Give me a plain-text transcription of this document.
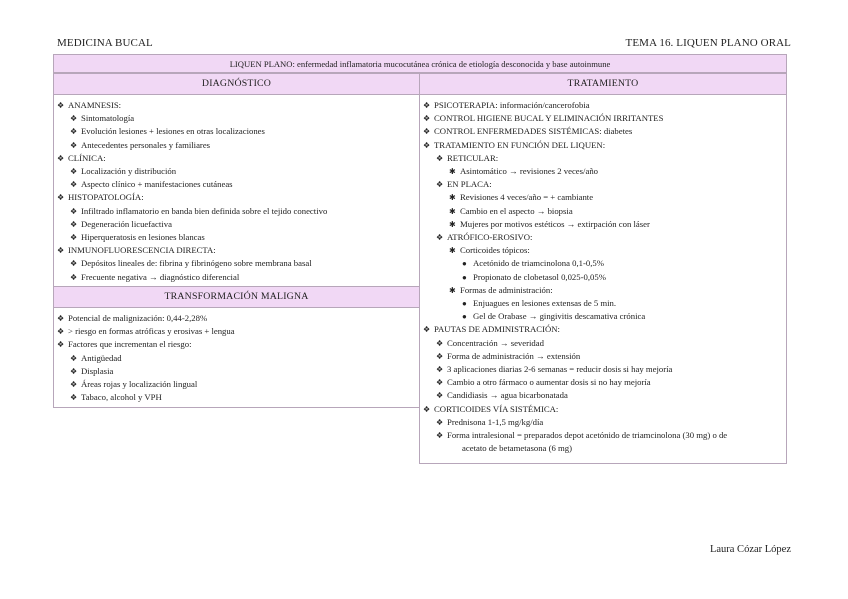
MEDICINA BUCAL	TEMA 16. LIQUEN PLANO ORAL
LIQUEN PLANO: enfermedad inflamatoria mucocutánea crónica de etiología desconocida y base autoinmune
DIAGNÓSTICO
❖ ANAMNESIS:
❖ Sintomatología
❖ Evolución lesiones + lesiones en otras localizaciones
❖ Antecedentes personales y familiares
❖ CLÍNICA:
❖ Localización y distribución
❖ Aspecto clínico + manifestaciones cutáneas
❖ HISTOPATOLOGÍA:
❖ Infiltrado inflamatorio en banda bien definida sobre el tejido conectivo
❖ Degeneración licuefactiva
❖ Hiperqueratosis en lesiones blancas
❖ INMUNOFLUORESCENCIA DIRECTA:
❖ Depósitos lineales de: fibrina y fibrinógeno sobre membrana basal
❖ Frecuente negativa → diagnóstico diferencial
TRANSFORMACIÓN MALIGNA
❖ Potencial de malignización: 0,44-2,28%
❖ > riesgo en formas atróficas y erosivas + lengua
❖ Factores que incrementan el riesgo:
❖ Antigüedad
❖ Displasia
❖ Áreas rojas y localización lingual
❖ Tabaco, alcohol y VPH
TRATAMIENTO
❖ PSICOTERAPIA: información/cancerofobia
❖ CONTROL HIGIENE BUCAL Y ELIMINACIÓN IRRITANTES
❖ CONTROL ENFERMEDADES SISTÉMICAS: diabetes
❖ TRATAMIENTO EN FUNCIÓN DEL LIQUEN:
❖ RETICULAR:
✱ Asintomático → revisiones 2 veces/año
❖ EN PLACA:
✱ Revisiones 4 veces/año = + cambiante
✱ Cambio en el aspecto → biopsia
✱ Mujeres por motivos estéticos → extirpación con láser
❖ ATRÓFICO-EROSIVO:
✱ Corticoides tópicos:
● Acetónido de triamcinolona 0,1-0,5%
● Propionato de clobetasol 0,025-0,05%
✱ Formas de administración:
● Enjuagues en lesiones extensas de 5 min.
● Gel de Orabase → gingivitis descamativa crónica
❖ PAUTAS DE ADMINISTRACIÓN:
❖ Concentración → severidad
❖ Forma de administración → extensión
❖ 3 aplicaciones diarias 2-6 semanas = reducir dosis si hay mejoría
❖ Cambio a otro fármaco o aumentar dosis si no hay mejoría
❖ Candidiasis → agua bicarbonatada
❖ CORTICOIDES VÍA SISTÉMICA:
❖ Prednisona 1-1,5 mg/kg/día
❖ Forma intralesional = preparados depot acetónido de triamcinolona (30 mg) o de
acetato de betametasona (6 mg)
Laura Cózar López
